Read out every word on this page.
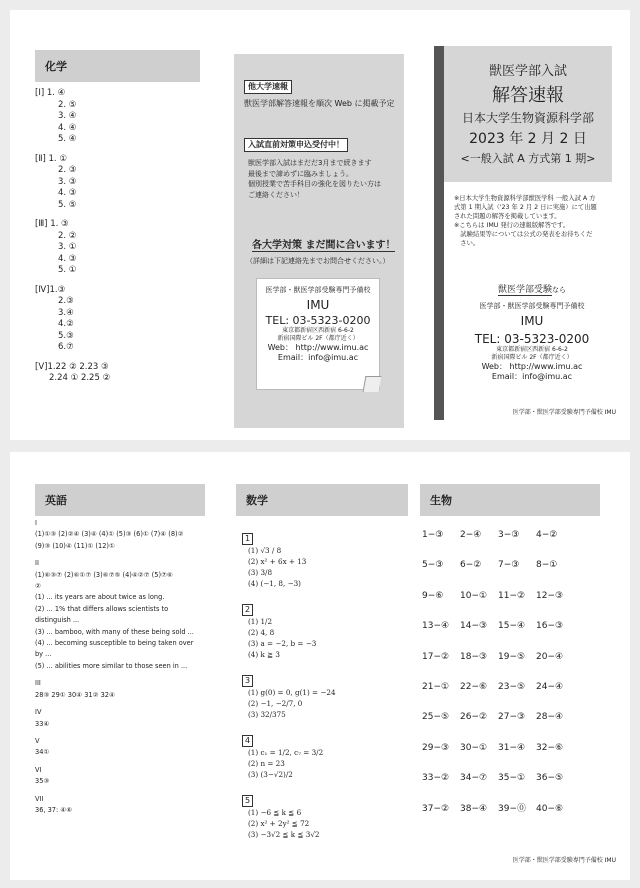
化学
[Ⅰ] 1. ④
2. ⑤
3. ④
4. ④
5. ④
[Ⅱ] 1. ①
2. ③
3. ③
4. ③
5. ⑤
[Ⅲ] 1. ③
2. ②
3. ①
4. ③
5. ①
[Ⅳ]1.③
2.③
3.④
4.②
5.③
6.⑦
[Ⅴ]1.22 ② 2.23 ③
2.24 ① 2.25 ②
他大学速報
獣医学部解答速報を順次 Web に掲載予定
入試直前対策申込受付中！
獣医学部入試はまだだ3月まで続きます
最後まで諦めずに臨みましょう。
個別授業で苦手科目の強化を図りたい方は
ご連絡ください！
各大学対策 まだ間に合います！
（詳細は下記連絡先までお問合せください。）
医学部・獣医学部受験専門予備校
IMU
TEL: 03-5323-0200
東京都新宿区西新宿 6-6-2
新宿国際ビル 2F（都庁近く）
Web： http://www.imu.ac
Email：info@imu.ac
獣医学部入試
解答速報
日本大学生物資源科学部
2023 年 2 月 2 日
<一般入試 A 方式第 1 期>
※日本大学生物資源科学部獣医学科 一般入試 A 方
式第 1 期入試（'23 年 2 月 2 日に実施）にて出題
された問題の解答を掲載しています。
※こちらは IMU 発行の速報版解答です。
　試験結果等については公式の発表をお待ちくだ
　さい。
獣医学部受験なら
医学部・獣医学部受験専門予備校
IMU
TEL: 03-5323-0200
東京都新宿区西新宿 6-6-2
新宿国際ビル 2F（都庁近く）
Web： http://www.imu.ac
Email：info@imu.ac
医学部・獣医学部受験専門予備校 IMU
英語
I
(1)①③ (2)②④ (3)④ (4)① (5)③ (6)① (7)④ (8)②
(9)③ (10)④ (11)① (12)①
II
(1)⑥③⑦ (2)⑥①⑦ (3)⑥⑦⑤ (4)④②⑦ (5)⑦⑥
②
(1) ... its years are about twice as long.
(2) ... 1% that differs allows scientists to
distinguish ...
(3) ... bamboo, with many of these being sold ...
(4) ... becoming susceptible to being taken over
by ...
(5) ... abilities more similar to those seen in ...
III
28③ 29① 30④ 31② 32④
IV
33④
V
34①
VI
35③
VII
36, 37: ④⑥
数学
1
(1) √3 / 8
(2) x² + 6x + 13
(3) 3/8
(4) (−1, 8, −3)
2
(1) 1/2
(2) 4, 8
(3) a = −2, b = −3
(4) k ≧ 3
3
(1) g(0) = 0, g(1) = −24
(2) −1, −2/7, 0
(3) 32/375
4
(1) c₁ = 1/2, c₇ = 3/2
(2) n = 23
(3) (3−√2)/2
5
(1) −6 ≦ k ≦ 6
(2) x² + 2y² ≦ 72
(3) −3√2 ≦ k ≦ 3√2
生物
1−③ 2−④ 3−③ 4−②
5−③ 6−② 7−③ 8−①
9−⑥ 10−① 11−② 12−③
13−④ 14−③ 15−④ 16−③
17−② 18−③ 19−⑤ 20−④
21−① 22−⑥ 23−⑤ 24−④
25−⑤ 26−② 27−③ 28−④
29−③ 30−① 31−④ 32−⑥
33−② 34−⑦ 35−① 36−⑤
37−② 38−④ 39−⓪ 40−⑥
医学部・獣医学部受験専門予備校 IMU
